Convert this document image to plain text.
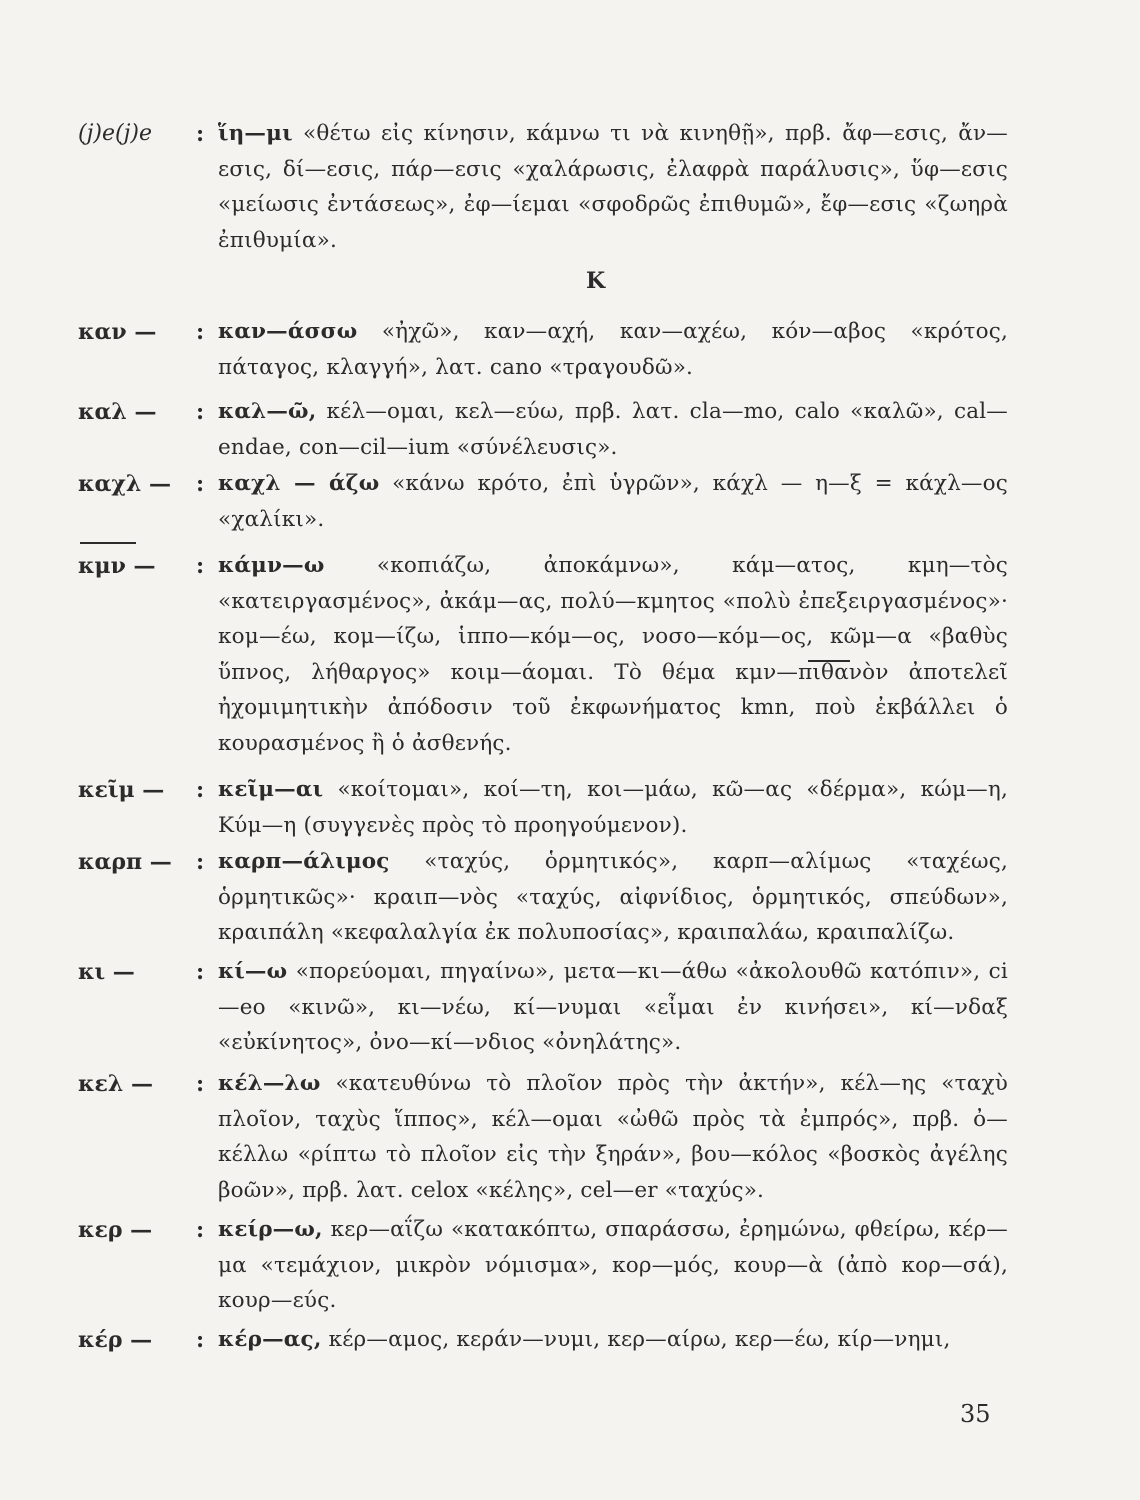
(j)e(j)e	: ἵη—μι «θέτω εἰς κίνησιν, κάμνω τι νὰ κινηθῇ», πρβ. ἄφ—εσις, ἄν—εσις, δί—εσις, πάρ—εσις «χαλάρωσις, ἐλαφρὰ παράλυσις», ὕφ—εσις «μείωσις ἐντάσεως», ἐφ—ίεμαι «σφοδρῶς ἐπιθυμῶ», ἔφ—εσις «ζωηρὰ ἐπιθυμία».
Κ
καν —	: καν—άσσω «ἠχῶ», καν—αχή, καν—αχέω, κόν—αβος «κρότος, πάταγος, κλαγγή», λατ. cano «τραγουδῶ».
καλ —	: καλ—ῶ, κέλ—ομαι, κελ—εύω, πρβ. λατ. cla—mo, calo «καλῶ», cal—endae, con—cil—ium «σύνέλευσις».
καχλ —	: καχλ — άζω «κάνω κρότο, ἐπὶ ὑγρῶν», κάχλ — η—ξ = κάχλ—ος «χαλίκι».
κμν —	: κάμν—ω «κοπιάζω, ἀποκάμνω», κάμ—ατος, κμη—τὸς «κατειργασμένος», ἀκάμ—ας, πολύ—κμητος «πολὺ ἐπεξειργασμένος»· κομ—έω, κομ—ίζω, ἱππο—κόμ—ος, νοσο—κόμ—ος, κῶμ—α «βαθὺς ὕπνος, λήθαργος» κοιμ—άομαι. Τὸ θέμα κμν—πιθανὸν ἀποτελεῖ ἠχομιμητικὴν ἀπόδοσιν τοῦ ἐκφωνήματος kmn, ποὺ ἐκβάλλει ὁ κουρασμένος ἢ ὁ ἀσθενής.
κεῖμ —	: κεῖμ—αι «κοίτομαι», κοί—τη, κοι—μάω, κῶ—ας «δέρμα», κώμ—η, Κύμ—η (συγγενὲς πρὸς τὸ προηγούμενον).
καρπ —	: καρπ—άλιμος «ταχύς, ὁρμητικός», καρπ—αλίμως «ταχέως, ὁρμητικῶς»· κραιπ—νὸς «ταχύς, αἰφνίδιος, ὁρμητικός, σπεύδων», κραιπάλη «κεφαλαλγία ἐκ πολυποσίας», κραιπαλάω, κραιπαλίζω.
κι —	: κί—ω «πορεύομαι, πηγαίνω», μετα—κι—άθω «ἀκολουθῶ κατόπιν», ci—eo «κινῶ», κι—νέω, κί—νυμαι «εἶμαι ἐν κινήσει», κί—νδαξ «εὐκίνητος», ὀνο—κί—νδιος «ὀνηλάτης».
κελ —	: κέλ—λω «κατευθύνω τὸ πλοῖον πρὸς τὴν ἀκτήν», κέλ—ης «ταχὺ πλοῖον, ταχὺς ἵππος», κέλ—ομαι «ὠθῶ πρὸς τὰ ἐμπρός», πρβ. ὀ—κέλλω «ρίπτω τὸ πλοῖον εἰς τὴν ξηράν», βου—κόλος «βοσκὸς ἀγέλης βοῶν», πρβ. λατ. celox «κέλης», cel—er «ταχύς».
κερ —	: κείρ—ω, κερ—αΐζω «κατακόπτω, σπαράσσω, ἐρημώνω, φθείρω, κέρ—μα «τεμάχιον, μικρὸν νόμισμα», κορ—μός, κουρ—ὰ (ἀπὸ κορ—σά), κουρ—εύς.
κέρ —	: κέρ—ας, κέρ—αμος, κεράν—νυμι, κερ—αίρω, κερ—έω, κίρ—νημι,
35
